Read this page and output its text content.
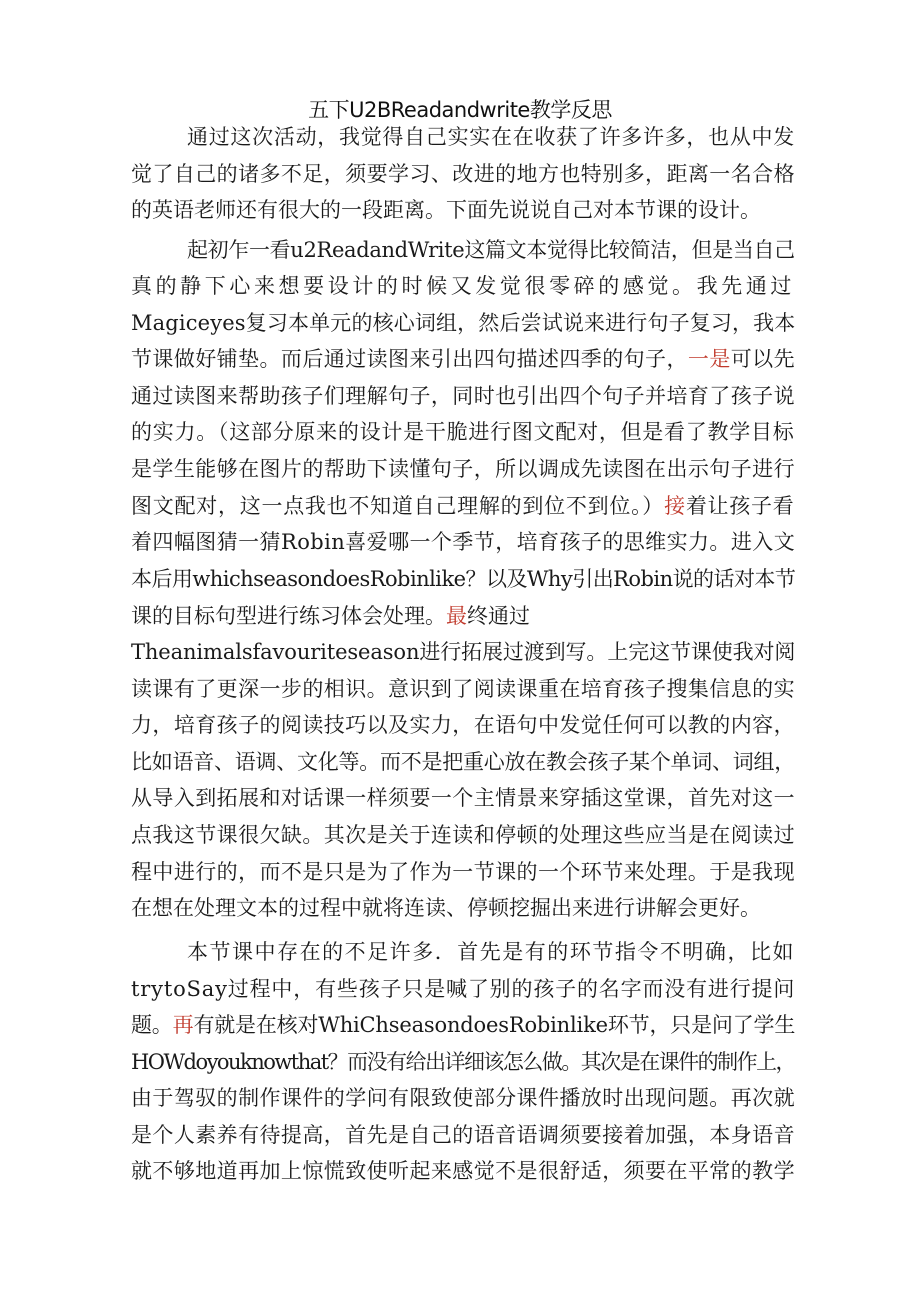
五下U2BReadandwrite教学反思
通过这次活动，我觉得自己实实在在收获了许多许多，也从中发
觉了自己的诸多不足，须要学习、改进的地方也特别多，距离一名合格
的英语老师还有很大的一段距离。下面先说说自己对本节课的设计。
起初乍一看u2ReadandWrite这篇文本觉得比较简洁，但是当自己
真的静下心来想要设计的时候又发觉很零碎的感觉。我先通过
Magiceyes复习本单元的核心词组，然后尝试说来进行句子复习，我本
节课做好铺垫。而后通过读图来引出四句描述四季的句子，一是可以先
通过读图来帮助孩子们理解句子，同时也引出四个句子并培育了孩子说
的实力。（这部分原来的设计是干脆进行图文配对，但是看了教学目标
是学生能够在图片的帮助下读懂句子，所以调成先读图在出示句子进行
图文配对，这一点我也不知道自己理解的到位不到位。）接着让孩子看
着四幅图猜一猜Robin喜爱哪一个季节，培育孩子的思维实力。进入文
本后用whichseasondoesRobinlike？以及Why引出Robin说的话对本节
课的目标句型进行练习体会处理。最终通过
Theanimalsfavouriteseason进行拓展过渡到写。上完这节课使我对阅
读课有了更深一步的相识。意识到了阅读课重在培育孩子搜集信息的实
力，培育孩子的阅读技巧以及实力，在语句中发觉任何可以教的内容，
比如语音、语调、文化等。而不是把重心放在教会孩子某个单词、词组，
从导入到拓展和对话课一样须要一个主情景来穿插这堂课，首先对这一
点我这节课很欠缺。其次是关于连读和停顿的处理这些应当是在阅读过
程中进行的，而不是只是为了作为一节课的一个环节来处理。于是我现
在想在处理文本的过程中就将连读、停顿挖掘出来进行讲解会更好。
本节课中存在的不足许多．首先是有的环节指令不明确，比如
trytoSay过程中，有些孩子只是喊了别的孩子的名字而没有进行提问
题。再有就是在核对WhiChseasondoesRobinlike环节，只是问了学生
HOWdoyouknowthat？而没有给出详细该怎么做。其次是在课件的制作上，
由于驾驭的制作课件的学问有限致使部分课件播放时出现问题。再次就
是个人素养有待提高，首先是自己的语音语调须要接着加强，本身语音
就不够地道再加上惊慌致使听起来感觉不是很舒适，须要在平常的教学
